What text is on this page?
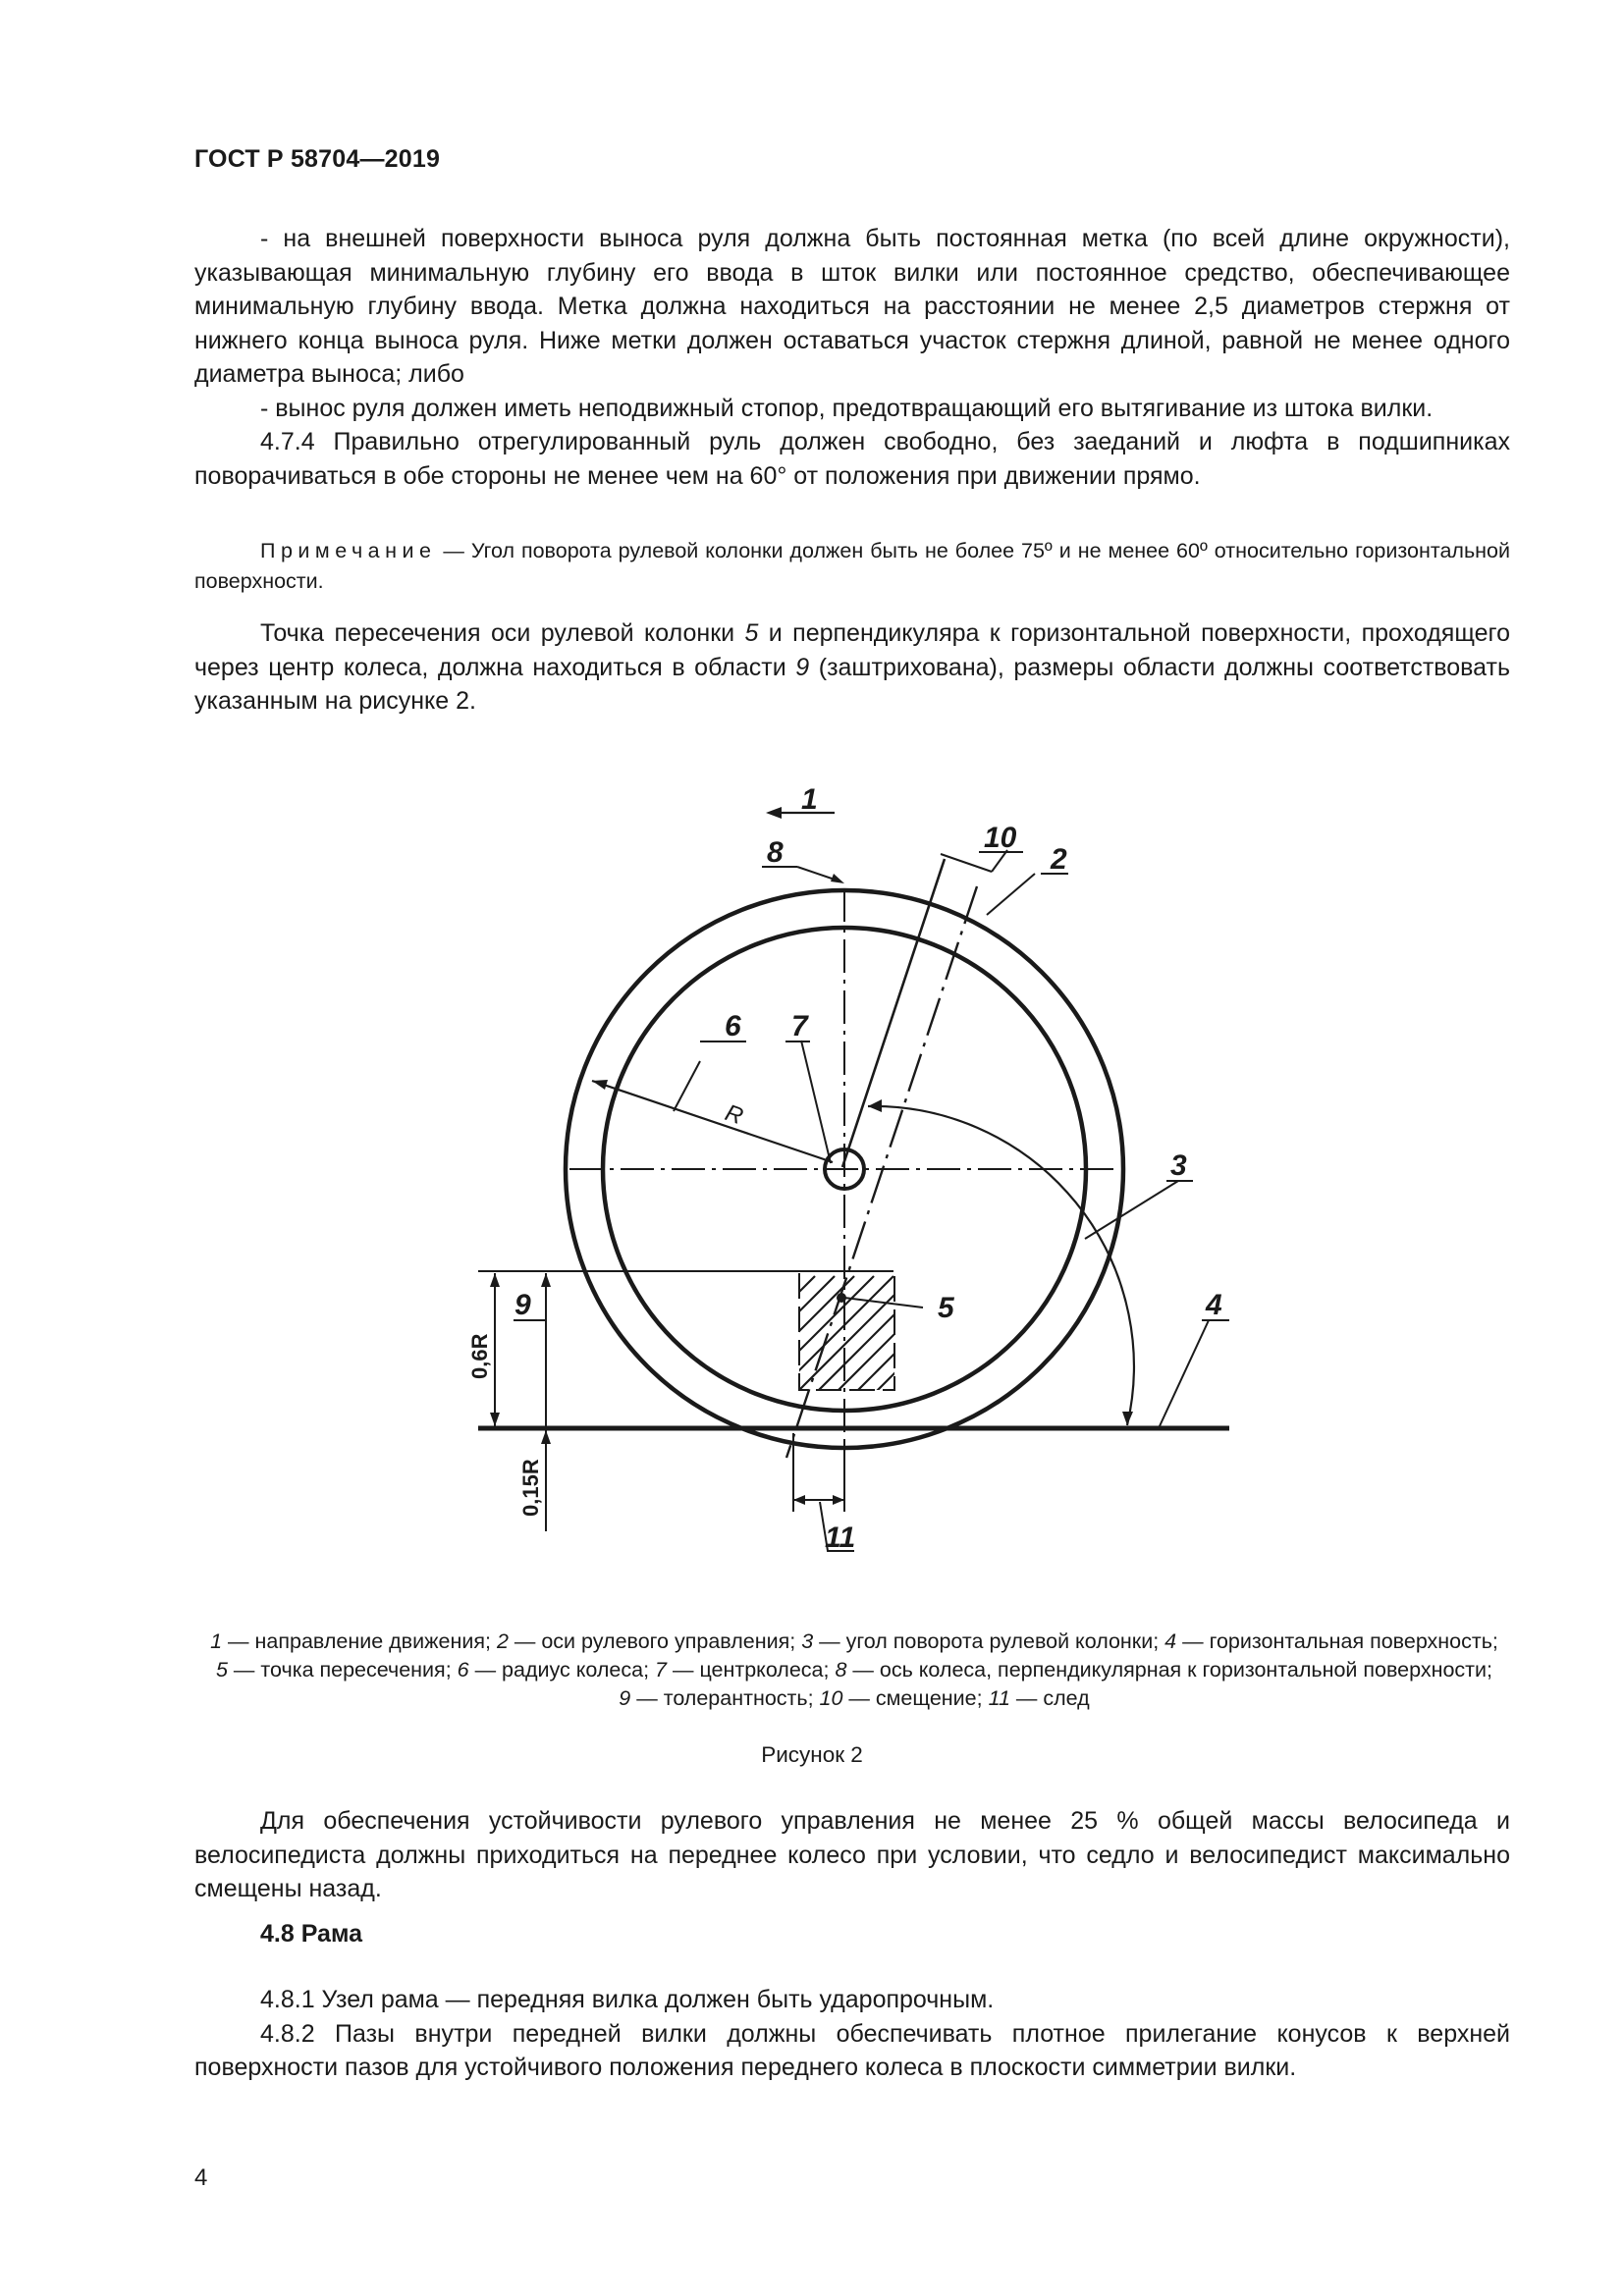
ГОСТ Р 58704—2019

- на внешней поверхности выноса руля должна быть постоянная метка (по всей длине окружности), указывающая минимальную глубину его ввода в шток вилки или постоянное средство, обеспечивающее минимальную глубину ввода. Метка должна находиться на расстоянии не менее 2,5 диаметров стержня от нижнего конца выноса руля. Ниже метки должен оставаться участок стержня длиной, равной не менее одного диаметра выноса; либо

- вынос руля должен иметь неподвижный стопор, предотвращающий его вытягивание из штока вилки.

4.7.4 Правильно отрегулированный руль должен свободно, без заеданий и люфта в подшипниках поворачиваться в обе стороны не менее чем на 60° от положения при движении прямо.

Примечание — Угол поворота рулевой колонки должен быть не более 75º и не менее 60º относительно горизонтальной поверхности.

Точка пересечения оси рулевой колонки 5 и перпендикуляра к горизонтальной поверхности, проходящего через центр колеса, должна находиться в области 9 (заштрихована), размеры области должны соответствовать указанным на рисунке 2.

1
2
3
4
5
6 7
8
9
10
11
R
0,6R
0,15R
1 — направление движения; 2 — оси рулевого управления; 3 — угол поворота рулевой колонки; 4 — горизонтальная поверхность;
5 — точка пересечения; 6 — радиус колеса; 7 — центрколеса; 8 — ось колеса, перпендикулярная к горизонтальной поверхности;
9 — толерантность; 10 — смещение; 11 — след
Рисунок 2

Для обеспечения устойчивости рулевого управления не менее 25 % общей массы велосипеда и велосипедиста должны приходиться на переднее колесо при условии, что седло и велосипедист максимально смещены назад.

4.8 Рама

4.8.1 Узел рама — передняя вилка должен быть ударопрочным.

4.8.2 Пазы внутри передней вилки должны обеспечивать плотное прилегание конусов к верхней поверхности пазов для устойчивого положения переднего колеса в плоскости симметрии вилки.

4
